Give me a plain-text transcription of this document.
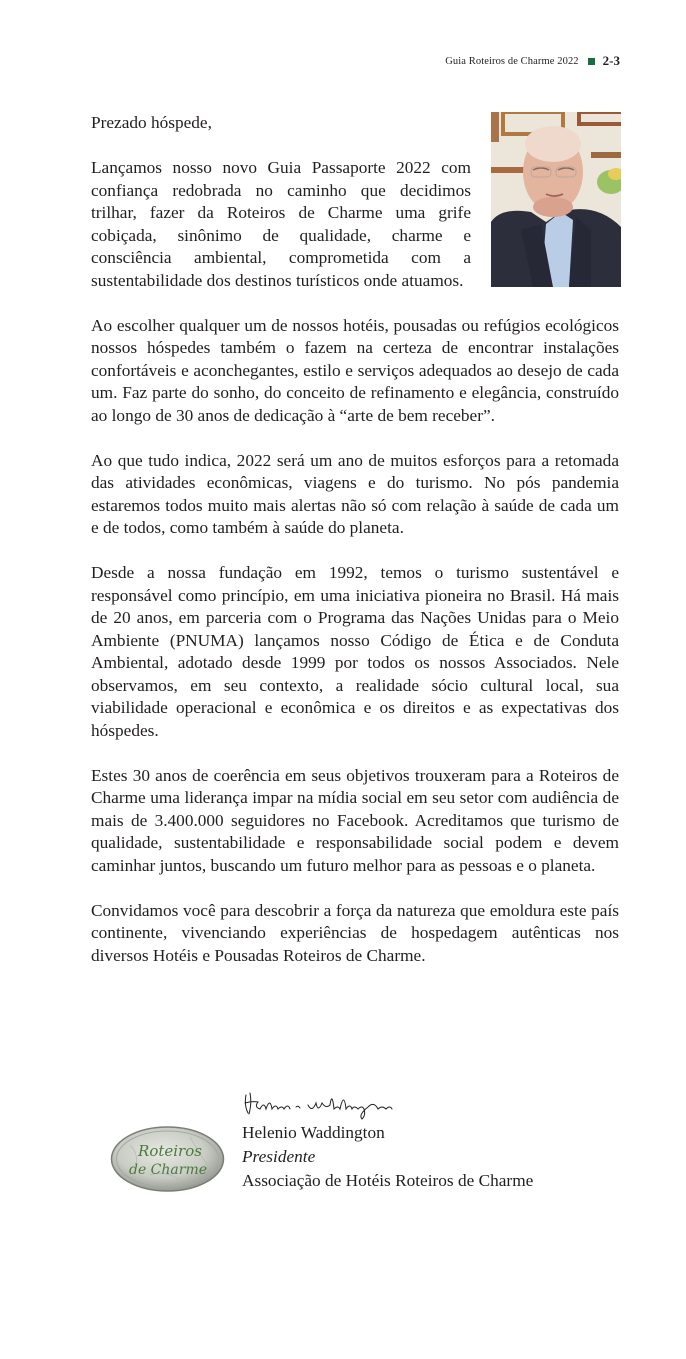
Guia Roteiros de Charme 2022 2-3

Prezado hóspede,

Lançamos nosso novo Guia Passaporte 2022 com confiança redobrada no caminho que decidimos trilhar, fazer da Roteiros de Charme uma grife cobiçada, sinônimo de qualidade, charme e consciência ambiental, comprometida com a sustentabilidade dos destinos turísticos onde atuamos.

Ao escolher qualquer um de nossos hotéis, pousadas ou refúgios ecológicos nossos hóspedes também o fazem na certeza de encontrar instalações confortáveis e aconchegantes, estilo e serviços adequados ao desejo de cada um. Faz parte do sonho, do conceito de refinamento e elegância, construído ao longo de 30 anos de dedicação à “arte de bem receber”.

Ao que tudo indica, 2022 será um ano de muitos esforços para a retomada das atividades econômicas, viagens e do turismo. No pós pandemia estaremos todos muito mais alertas não só com relação à saúde de cada um e de todos, como também à saúde do planeta.

Desde a nossa fundação em 1992, temos o turismo sustentável e responsável como princípio, em uma iniciativa pioneira no Brasil. Há mais de 20 anos, em parceria com o Programa das Nações Unidas para o Meio Ambiente (PNUMA) lançamos nosso Código de Ética e de Conduta Ambiental, adotado desde 1999 por todos os nossos Associados. Nele observamos, em seu contexto, a realidade sócio cultural local, sua viabilidade operacional e econômica e os direitos e as expectativas dos hóspedes.

Estes 30 anos de coerência em seus objetivos trouxeram para a Roteiros de Charme uma liderança impar na mídia social em seu setor com audiência de mais de 3.400.000 seguidores no Facebook. Acreditamos que turismo de qualidade, sustentabilidade e responsabilidade social podem e devem caminhar juntos, buscando um futuro melhor para as pessoas e o planeta.

Convidamos você para descobrir a força da natureza que emoldura este país continente, vivenciando experiências de hospedagem autênticas nos diversos Hotéis e Pousadas Roteiros de Charme.

Helenio Waddington
Presidente
Associação de Hotéis Roteiros de Charme
Roteiros
de Charme
